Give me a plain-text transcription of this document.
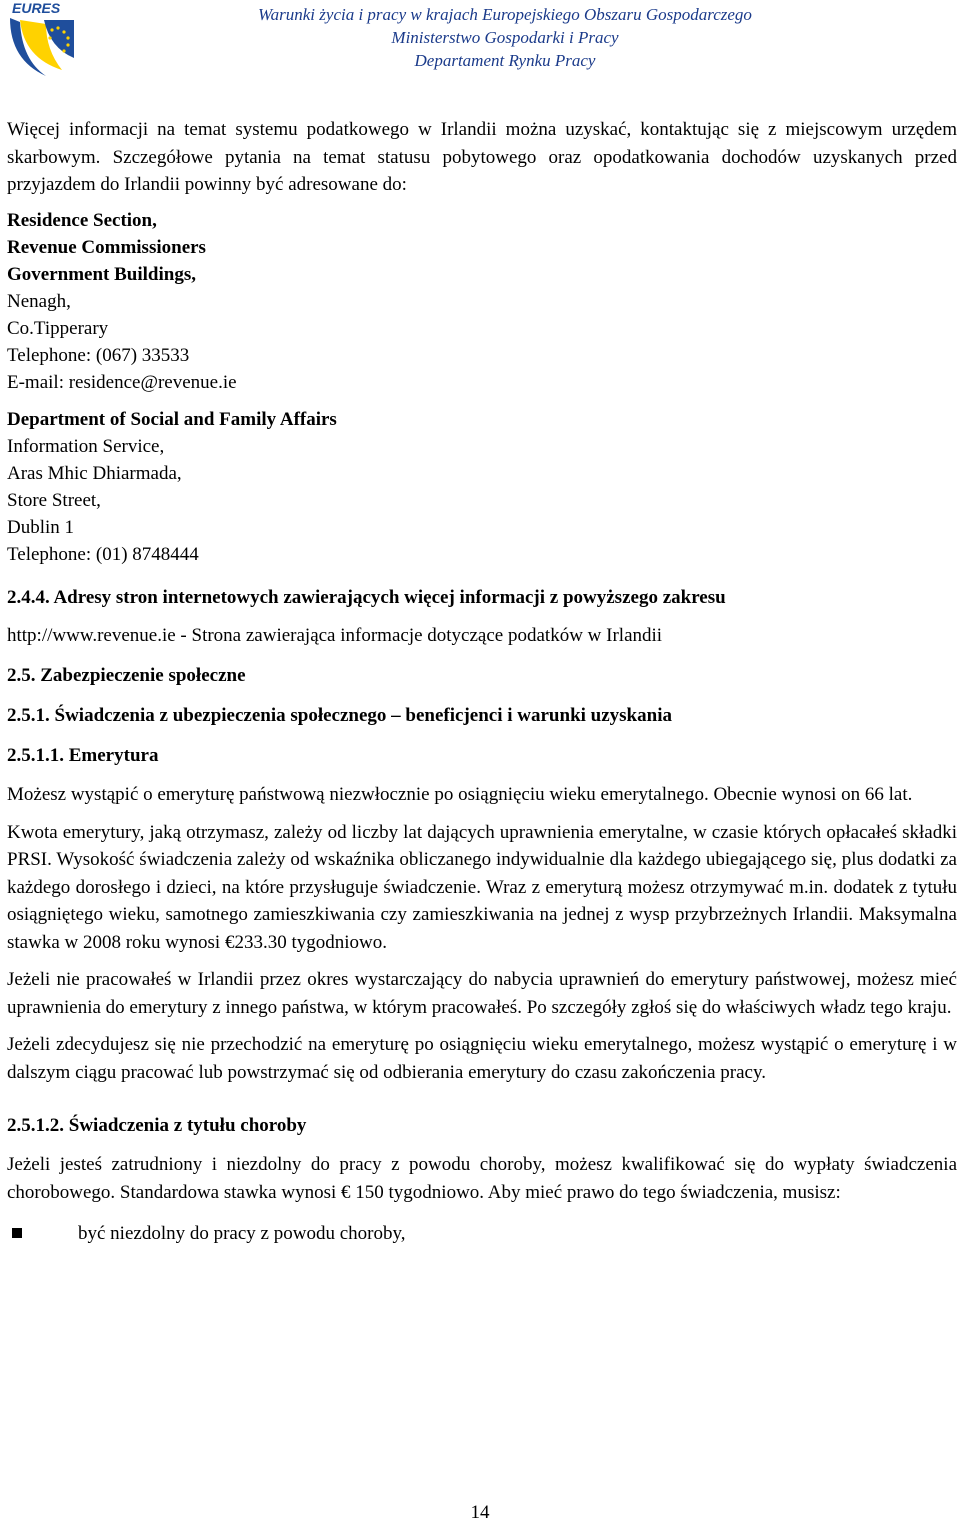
EURES	Warunki życia i pracy w krajach Europejskiego Obszaru Gospodarczego
Ministerstwo Gospodarki i Pracy
Departament Rynku Pracy

Więcej informacji na temat systemu podatkowego w Irlandii można uzyskać, kontaktując się z miejscowym urzędem skarbowym. Szczegółowe pytania na temat statusu pobytowego oraz opodatkowania dochodów uzyskanych przed przyjazdem do Irlandii powinny być adresowane do:

Residence Section,
Revenue Commissioners
Government Buildings,
Nenagh,
Co.Tipperary
Telephone: (067) 33533
E-mail: residence@revenue.ie
Department of Social and Family Affairs
Information Service,
Aras Mhic Dhiarmada,
Store Street,
Dublin 1
Telephone: (01) 8748444
2.4.4. Adresy stron internetowych zawierających więcej informacji z powyższego zakresu

http://www.revenue.ie - Strona zawierająca informacje dotyczące podatków w Irlandii

2.5. Zabezpieczenie społeczne
2.5.1. Świadczenia z ubezpieczenia społecznego – beneficjenci i warunki uzyskania
2.5.1.1. Emerytura

Możesz wystąpić o emeryturę państwową niezwłocznie po osiągnięciu wieku emerytalnego. Obecnie wynosi on 66 lat.

Kwota emerytury, jaką otrzymasz, zależy od liczby lat dających uprawnienia emerytalne, w czasie których opłacałeś składki PRSI. Wysokość świadczenia zależy od wskaźnika obliczanego indywidualnie dla każdego ubiegającego się, plus dodatki za każdego dorosłego i dzieci, na które przysługuje świadczenie. Wraz z emeryturą możesz otrzymywać m.in. dodatek z tytułu osiągniętego wieku, samotnego zamieszkiwania czy zamieszkiwania na jednej z wysp przybrzeżnych Irlandii. Maksymalna stawka w 2008 roku wynosi €233.30 tygodniowo.

Jeżeli nie pracowałeś w Irlandii przez okres wystarczający do nabycia uprawnień do emerytury państwowej, możesz mieć uprawnienia do emerytury z innego państwa, w którym pracowałeś. Po szczegóły zgłoś się do właściwych władz tego kraju.

Jeżeli zdecydujesz się nie przechodzić na emeryturę po osiągnięciu wieku emerytalnego, możesz wystąpić o emeryturę i w dalszym ciągu pracować lub powstrzymać się od odbierania emerytury do czasu zakończenia pracy.

2.5.1.2. Świadczenia z tytułu choroby

Jeżeli jesteś zatrudniony i niezdolny do pracy z powodu choroby, możesz kwalifikować się do wypłaty świadczenia chorobowego. Standardowa stawka wynosi € 150 tygodniowo. Aby mieć prawo do tego świadczenia, musisz:

być niezdolny do pracy z powodu choroby,
14
